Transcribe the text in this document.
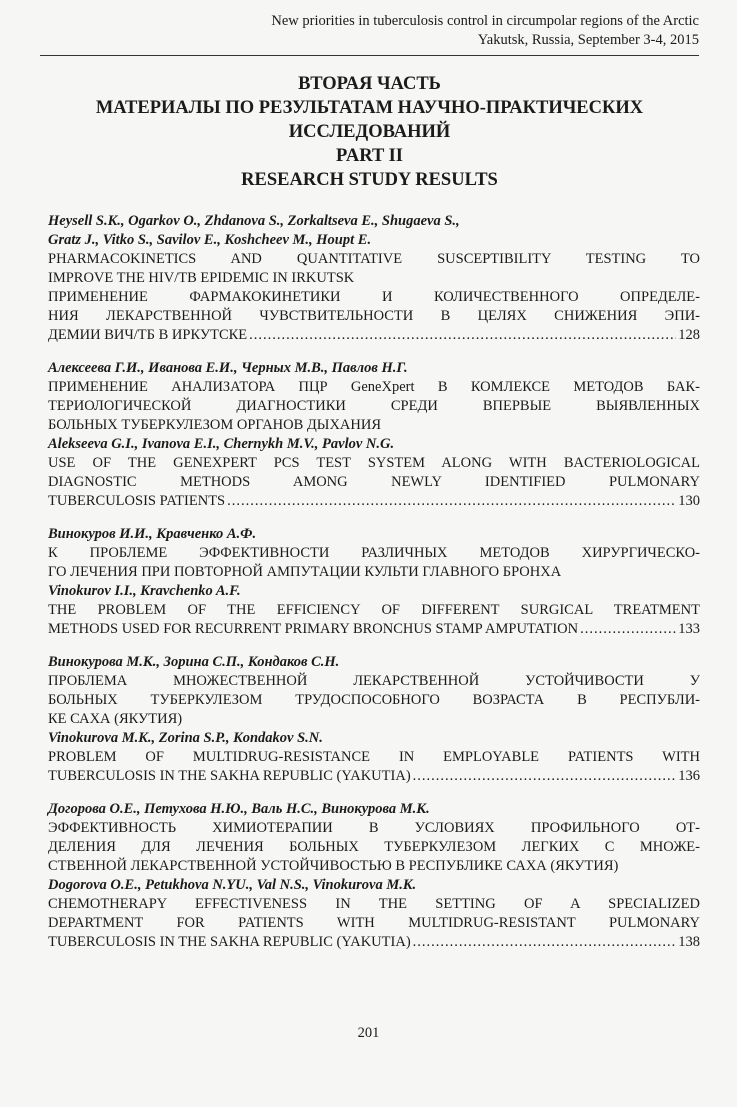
New priorities in tuberculosis control in circumpolar regions of the Arctic
Yakutsk, Russia, September 3-4, 2015
ВТОРАЯ ЧАСТЬ
МАТЕРИАЛЫ ПО РЕЗУЛЬТАТАМ НАУЧНО-ПРАКТИЧЕСКИХ
ИССЛЕДОВАНИЙ
PART II
RESEARCH STUDY RESULTS
Heysell S.K., Ogarkov O., Zhdanova S., Zorkaltseva E., Shugaeva S.,
Gratz J., Vitko S., Savilov E., Koshcheev M., Houpt E.
PHARMACOKINETICS AND QUANTITATIVE SUSCEPTIBILITY TESTING TO
IMPROVE THE HIV/TB EPIDEMIC IN IRKUTSK
ПРИМЕНЕНИЕ ФАРМАКОКИНЕТИКИ И КОЛИЧЕСТВЕННОГО ОПРЕДЕЛЕ-
НИЯ ЛЕКАРСТВЕННОЙ ЧУВСТВИТЕЛЬНОСТИ В ЦЕЛЯХ СНИЖЕНИЯ ЭПИ-
ДЕМИИ ВИЧ/ТБ В ИРКУТСКЕ .....	128
Алексеева Г.И., Иванова Е.И., Черных М.В., Павлов Н.Г.
ПРИМЕНЕНИЕ АНАЛИЗАТОРА ПЦР GeneXpert В КОМЛЕКСЕ МЕТОДОВ БАК-
ТЕРИОЛОГИЧЕСКОЙ ДИАГНОСТИКИ СРЕДИ ВПЕРВЫЕ ВЫЯВЛЕННЫХ
БОЛЬНЫХ ТУБЕРКУЛЕЗОМ ОРГАНОВ ДЫХАНИЯ
Alekseeva G.I., Ivanova E.I., Chernykh M.V., Pavlov N.G.
USE OF THE GENEXPERT PCS TEST SYSTEM ALONG WITH BACTERIOLOGICAL
DIAGNOSTIC METHODS AMONG NEWLY IDENTIFIED PULMONARY
TUBERCULOSIS PATIENTS .....	130
Винокуров И.И., Кравченко А.Ф.
К ПРОБЛЕМЕ ЭФФЕКТИВНОСТИ РАЗЛИЧНЫХ МЕТОДОВ ХИРУРГИЧЕСКО-
ГО ЛЕЧЕНИЯ ПРИ ПОВТОРНОЙ АМПУТАЦИИ КУЛЬТИ ГЛАВНОГО БРОНХА
Vinokurov I.I., Kravchenko A.F.
THE PROBLEM OF THE EFFICIENCY OF DIFFERENT SURGICAL TREATMENT
METHODS USED FOR RECURRENT PRIMARY BRONCHUS STAMP AMPUTATION .....	133
Винокурова М.К., Зорина С.П., Кондаков С.Н.
ПРОБЛЕМА МНОЖЕСТВЕННОЙ ЛЕКАРСТВЕННОЙ УСТОЙЧИВОСТИ У
БОЛЬНЫХ ТУБЕРКУЛЕЗОМ ТРУДОСПОСОБНОГО ВОЗРАСТА В РЕСПУБЛИ-
КЕ САХА (ЯКУТИЯ)
Vinokurova M.K., Zorina S.P., Kondakov S.N.
PROBLEM OF MULTIDRUG-RESISTANCE IN EMPLOYABLE PATIENTS WITH
TUBERCULOSIS IN THE SAKHA REPUBLIC (YAKUTIA) .....	136
Догорова О.Е., Петухова Н.Ю., Валь Н.С., Винокурова М.К.
ЭФФЕКТИВНОСТЬ ХИМИОТЕРАПИИ В УСЛОВИЯХ ПРОФИЛЬНОГО ОТ-
ДЕЛЕНИЯ ДЛЯ ЛЕЧЕНИЯ БОЛЬНЫХ ТУБЕРКУЛЕЗОМ ЛЕГКИХ С МНОЖЕ-
СТВЕННОЙ ЛЕКАРСТВЕННОЙ УСТОЙЧИВОСТЬЮ В РЕСПУБЛИКЕ САХА (ЯКУТИЯ)
Dogorova O.E., Petukhova N.YU., Val N.S., Vinokurova M.K.
CHEMOTHERAPY EFFECTIVENESS IN THE SETTING OF A SPECIALIZED
DEPARTMENT FOR PATIENTS WITH MULTIDRUG-RESISTANT PULMONARY
TUBERCULOSIS IN THE SAKHA REPUBLIC (YAKUTIA) .....	138
201
